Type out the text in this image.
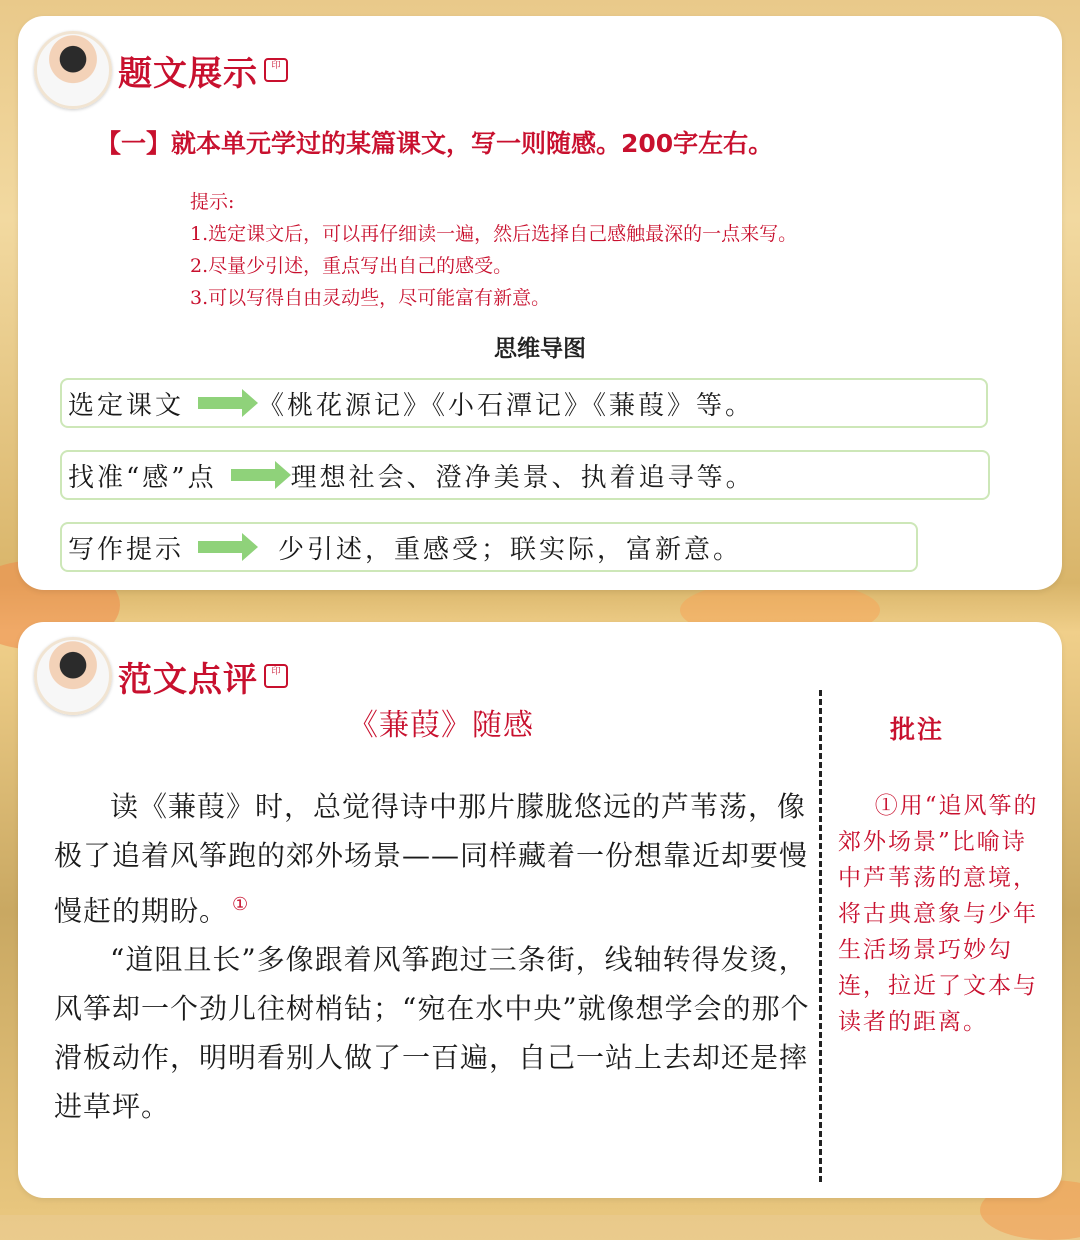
题文展示	印
【一】就本单元学过的某篇课文，写一则随感。200字左右。
提示:
1.选定课文后，可以再仔细读一遍，然后选择自己感触最深的一点来写。
2.尽量少引述，重点写出自己的感受。
3.可以写得自由灵动些，尽可能富有新意。
思维导图
选定课文	《桃花源记》《小石潭记》《蒹葭》等。
找准“感”点	理想社会、澄净美景、执着追寻等。
写作提示	少引述，重感受；联实际，富新意。
范文点评	印
《蒹葭》随感

读《蒹葭》时，总觉得诗中那片朦胧悠远的芦苇荡，像极了追着风筝跑的郊外场景——同样藏着一份想靠近却要慢慢赶的期盼。 ①

“道阻且长”多像跟着风筝跑过三条街，线轴转得发烫，风筝却一个劲儿往树梢钻；“宛在水中央”就像想学会的那个滑板动作，明明看别人做了一百遍，自己一站上去却还是摔进草坪。

批注
①用“追风筝的郊外场景”比喻诗中芦苇荡的意境，将古典意象与少年生活场景巧妙勾连，拉近了文本与读者的距离。
